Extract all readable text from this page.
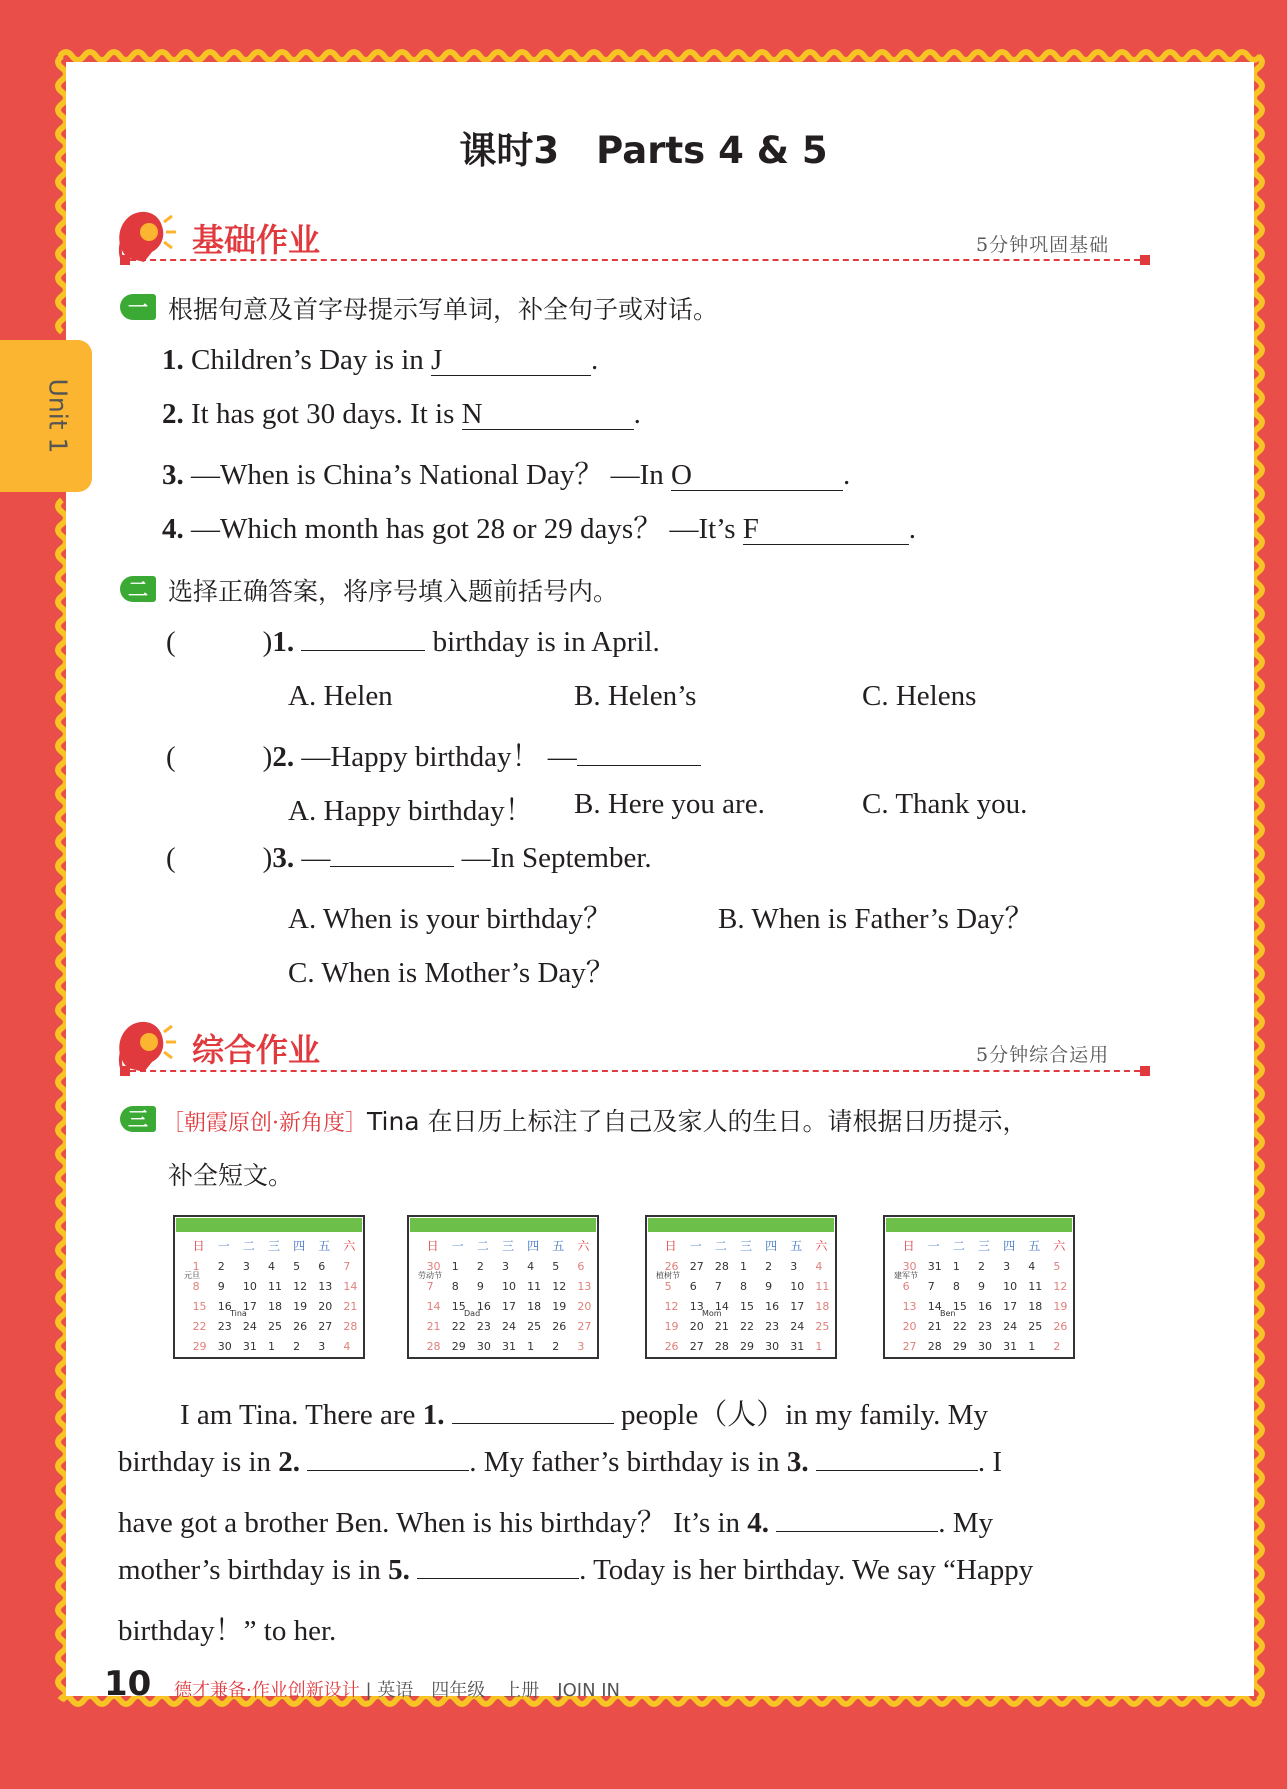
Unit 1
课时3　Parts 4 & 5
基础作业	5分钟巩固基础
一 根据句意及首字母提示写单词，补全句子或对话。
1. Children’s Day is in J	.
2. It has got 30 days. It is N	.
3. —When is China’s National Day？ —In O	.
4. —Which month has got 28 or 29 days？ —It’s F	.
二 选择正确答案，将序号填入题前括号内。
(　　　)1.	birthday is in April.
A. Helen	B. Helen’s	C. Helens
(　　　)2. —Happy birthday！ —
A. Happy birthday！ B. Here you are.	C. Thank you.
(　　　)3. —	—In September.
A. When is your birthday？	B. When is Father’s Day？
C. When is Mother’s Day？
综合作业	5分钟综合运用
三 ［朝霞原创·新角度］Tina 在日历上标注了自己及家人的生日。请根据日历提示，
补全短文。
日 一 二 三 四 五 六
1 2 3 4 5 6 7
8 9 10 11 12 13 14
15 16 17 18 19 20 21
22 23 24 25 26 27 28
29 30 31 1 2 3 4
元旦
Tina
日 一 二 三 四 五 六
30 1 2 3 4 5 6
7 8 9 10 11 12 13
14 15 16 17 18 19 20
21 22 23 24 25 26 27
28 29 30 31 1 2 3
劳动节
Dad
日 一 二 三 四 五 六
26 27 28 1 2 3 4
5 6 7 8 9 10 11
12 13 14 15 16 17 18
19 20 21 22 23 24 25
26 27 28 29 30 31 1
植树节
Mom
日 一 二 三 四 五 六
30 31 1 2 3 4 5
6 7 8 9 10 11 12
13 14 15 16 17 18 19
20 21 22 23 24 25 26
27 28 29 30 31 1 2
建军节
Ben
I am Tina. There are 1.	people（人）in my family. My
birthday is in 2.	. My father’s birthday is in 3.	. I
have got a brother Ben. When is his birthday？ It’s in 4.	. My
mother’s birthday is in 5.	. Today is her birthday. We say “Happy
birthday！” to her.
10 德才兼备·作业创新设计 | 英语　 四年级　上册　JOIN IN
